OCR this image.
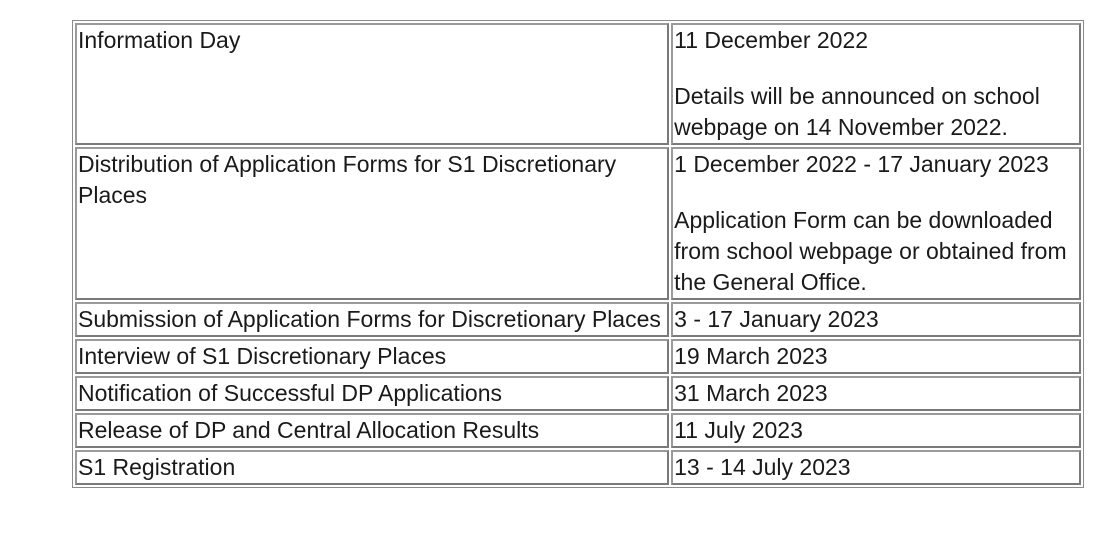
Information Day	11 December 2022
Details will be announced on school webpage on 14 November 2022.

Distribution of Application Forms for S1 Discretionary Places	1 December 2022 - 17 January 2023
Application Form can be downloaded from school webpage or obtained from the General Office.

Submission of Application Forms for Discretionary Places	3 - 17 January 2023

Interview of S1 Discretionary Places	19 March 2023

Notification of Successful DP Applications	31 March 2023

Release of DP and Central Allocation Results	11 July 2023

S1 Registration	13 - 14 July 2023
